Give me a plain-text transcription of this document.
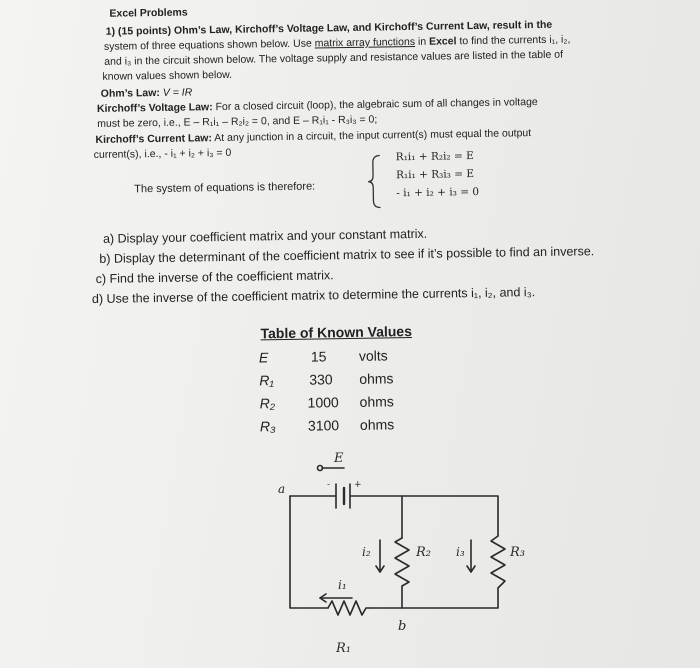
Excel Problems
1) (15 points) Ohm’s Law, Kirchoff’s Voltage Law, and Kirchoff’s Current Law, result in the
system of three equations shown below. Use matrix array functions in Excel to find the currents i₁, i₂,
and i₃ in the circuit shown below. The voltage supply and resistance values are listed in the table of
known values shown below.
Ohm’s Law: V = IR
Kirchoff’s Voltage Law: For a closed circuit (loop), the algebraic sum of all changes in voltage
must be zero, i.e., E – R₁i₁ – R₂i₂ = 0, and E – R₁i₁ - R₃i₃ = 0;
Kirchoff’s Current Law: At any junction in a circuit, the input current(s) must equal the output
current(s), i.e., - i₁ + i₂ + i₃ = 0
The system of equations is therefore:
R₁i₁ + R₂i₂ = E
R₁i₁ + R₃i₃ = E
- i₁ + i₂ + i₃ = 0
a) Display your coefficient matrix and your constant matrix.
b) Display the determinant of the coefficient matrix to see if it’s possible to find an inverse.
c) Find the inverse of the coefficient matrix.
d) Use the inverse of the coefficient matrix to determine the currents i₁, i₂, and i₃.
Table of Known Values
E	15 volts
R₁	330 ohms
R₂ 1000 ohms
R₃ 3100 ohms
E
a
b
+
-
i₁
i₂	i₃
R₁
R₂	R₃
